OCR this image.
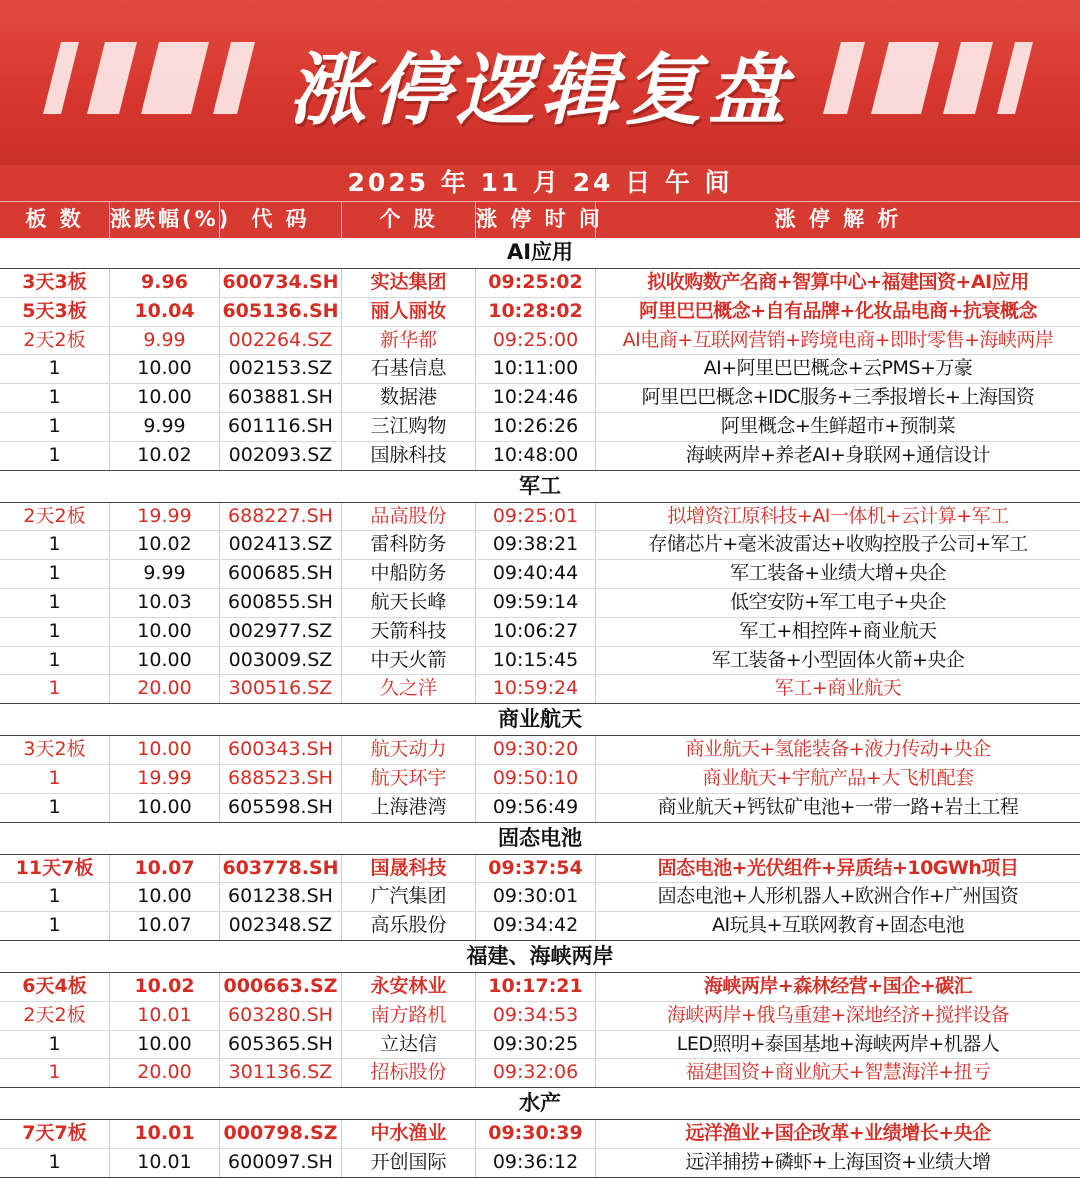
涨停逻辑复盘
2025 年 11 月 24 日 午 间
板 数	涨跌幅(%) 代 码	个 股	涨 停 时 间	涨 停 解 析
AI应用
3天3板	9.96	600734.SH	实达集团	09:25:02	拟收购数产名商+智算中心+福建国资+AI应用
5天3板	10.04	605136.SH	丽人丽妆	10:28:02	阿里巴巴概念+自有品牌+化妆品电商+抗衰概念
2天2板	9.99	002264.SZ	新华都	09:25:00	AI电商+互联网营销+跨境电商+即时零售+海峡两岸
1	10.00	002153.SZ	石基信息	10:11:00	AI+阿里巴巴概念+云PMS+万豪
1	10.00	603881.SH	数据港	10:24:46	阿里巴巴概念+IDC服务+三季报增长+上海国资
1	9.99	601116.SH	三江购物	10:26:26	阿里概念+生鲜超市+预制菜
1	10.02	002093.SZ	国脉科技	10:48:00	海峡两岸+养老AI+身联网+通信设计
军工
2天2板	19.99	688227.SH	品高股份	09:25:01	拟增资江原科技+AI一体机+云计算+军工
1	10.02	002413.SZ	雷科防务	09:38:21	存储芯片+毫米波雷达+收购控股子公司+军工
1	9.99	600685.SH	中船防务	09:40:44	军工装备+业绩大增+央企
1	10.03	600855.SH	航天长峰	09:59:14	低空安防+军工电子+央企
1	10.00	002977.SZ	天箭科技	10:06:27	军工+相控阵+商业航天
1	10.00	003009.SZ	中天火箭	10:15:45	军工装备+小型固体火箭+央企
1	20.00	300516.SZ	久之洋	10:59:24	军工+商业航天
商业航天
3天2板	10.00	600343.SH	航天动力	09:30:20	商业航天+氢能装备+液力传动+央企
1	19.99	688523.SH	航天环宇	09:50:10	商业航天+宇航产品+大飞机配套
1	10.00	605598.SH	上海港湾	09:56:49	商业航天+钙钛矿电池+一带一路+岩土工程
固态电池
11天7板	10.07	603778.SH	国晟科技	09:37:54	固态电池+光伏组件+异质结+10GWh项目
1	10.00	601238.SH	广汽集团	09:30:01	固态电池+人形机器人+欧洲合作+广州国资
1	10.07	002348.SZ	高乐股份	09:34:42	AI玩具+互联网教育+固态电池
福建、海峡两岸
6天4板	10.02	000663.SZ	永安林业	10:17:21	海峡两岸+森林经营+国企+碳汇
2天2板	10.01	603280.SH	南方路机	09:34:53	海峡两岸+俄乌重建+深地经济+搅拌设备
1	10.00	605365.SH	立达信	09:30:25	LED照明+泰国基地+海峡两岸+机器人
1	20.00	301136.SZ	招标股份	09:32:06	福建国资+商业航天+智慧海洋+扭亏
水产
7天7板	10.01	000798.SZ	中水渔业	09:30:39	远洋渔业+国企改革+业绩增长+央企
1	10.01	600097.SH	开创国际	09:36:12	远洋捕捞+磷虾+上海国资+业绩大增
